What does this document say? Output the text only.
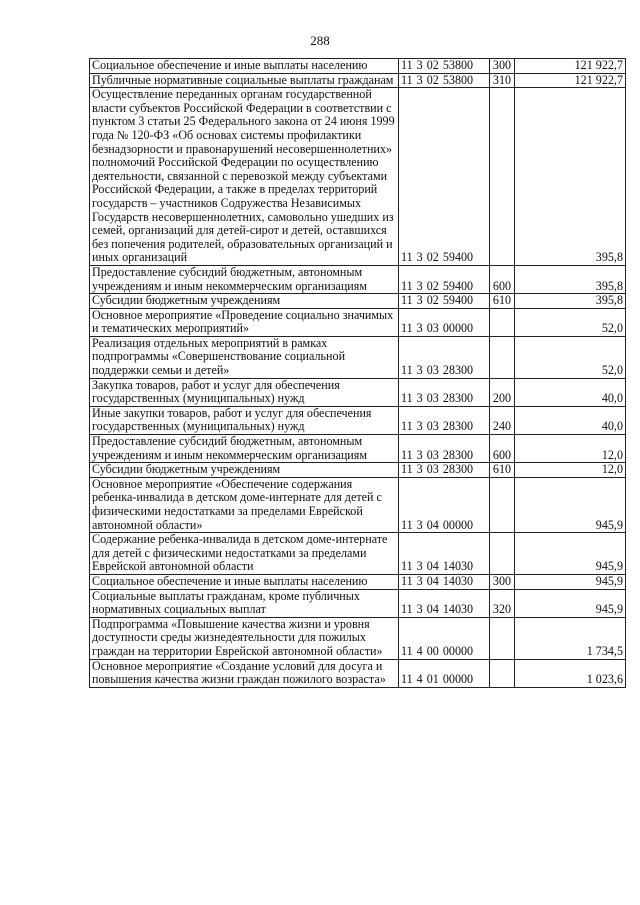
288
Социальное обеспечение и иные выплаты населению	11 3 02 53800	300	121 922,7
Публичные нормативные социальные выплаты гражданам	11 3 02 53800	310	121 922,7
Осуществление переданных органам государственной власти субъектов Российской Федерации в соответствии с пунктом 3 статьи 25 Федерального закона от 24 июня 1999 года № 120-ФЗ «Об основах системы профилактики безнадзорности и правонарушений несовершеннолетних» полномочий Российской Федерации по осуществлению деятельности, связанной с перевозкой между субъектами Российской Федерации, а также в пределах территорий государств – участников Содружества Независимых Государств несовершеннолетних, самовольно ушедших из семей, организаций для детей-сирот и детей, оставшихся без попечения родителей, образовательных организаций и иных организаций	11 3 02 59400		395,8
Предоставление субсидий бюджетным, автономным учреждениям и иным некоммерческим организациям	11 3 02 59400	600	395,8
Субсидии бюджетным учреждениям	11 3 02 59400	610	395,8
Основное мероприятие «Проведение социально значимых и тематических мероприятий»	11 3 03 00000		52,0
Реализация отдельных мероприятий в рамках подпрограммы «Совершенствование социальной поддержки семьи и детей»	11 3 03 28300		52,0
Закупка товаров, работ и услуг для обеспечения государственных (муниципальных) нужд	11 3 03 28300	200	40,0
Иные закупки товаров, работ и услуг для обеспечения государственных (муниципальных) нужд	11 3 03 28300	240	40,0
Предоставление субсидий бюджетным, автономным учреждениям и иным некоммерческим организациям	11 3 03 28300	600	12,0
Субсидии бюджетным учреждениям	11 3 03 28300	610	12,0
Основное мероприятие «Обеспечение содержания ребенка-инвалида в детском доме-интернате для детей с физическими недостатками за пределами Еврейской автономной области»	11 3 04 00000		945,9
Содержание ребенка-инвалида в детском доме-интернате для детей с физическими недостатками за пределами Еврейской автономной области	11 3 04 14030		945,9
Социальное обеспечение и иные выплаты населению	11 3 04 14030	300	945,9
Социальные выплаты гражданам, кроме публичных нормативных социальных выплат	11 3 04 14030	320	945,9
Подпрограмма «Повышение качества жизни и уровня доступности среды жизнедеятельности для пожилых граждан на территории Еврейской автономной области»	11 4 00 00000		1 734,5
Основное мероприятие «Создание условий для досуга и повышения качества жизни граждан пожилого возраста»	11 4 01 00000		1 023,6
